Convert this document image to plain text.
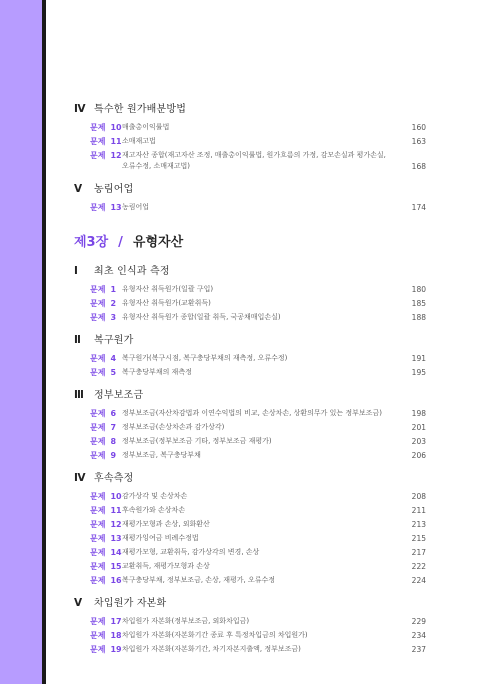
Ⅳ 특수한 원가배분방법
문제 10 매출총이익률법	160
문제 11 소매재고법	163
문제 12 재고자산 종합(재고자산 조정, 매출총이익률법, 원가흐름의 가정, 감모손실과 평가손실,
오류수정, 소매재고법)	168
Ⅴ	농림어업
문제 13 농림어업	174
제3장 / 유형자산
Ⅰ	최초 인식과 측정
문제 1 유형자산 취득원가(일괄 구입)	180
문제 2 유형자산 취득원가(교환취득)	185
문제 3 유형자산 취득원가 종합(일괄 취득, 국공채매입손실)	188
Ⅱ	복구원가
문제 4 복구원가(복구시점, 복구충당부채의 재측정, 오류수정)	191
문제 5 복구충당부채의 재측정	195
Ⅲ	정부보조금
문제 6 정부보조금(자산차감법과 이연수익법의 비교, 손상차손, 상환의무가 있는 정부보조금)	198
문제 7 정부보조금(손상차손과 감가상각)	201
문제 8 정부보조금(정부보조금 기타, 정부보조금 재평가)	203
문제 9 정부보조금, 복구충당부채	206
Ⅳ 후속측정
문제 10 감가상각 및 손상차손	208
문제 11 후속원가와 손상차손	211
문제 12 재평가모형과 손상, 외화환산	213
문제 13 재평가잉여금 비례수정법	215
문제 14 재평가모형, 교환취득, 감가상각의 변경, 손상	217
문제 15 교환취득, 재평가모형과 손상	222
문제 16 복구충당부채, 정부보조금, 손상, 재평가, 오류수정	224
Ⅴ	차입원가 자본화
문제 17 차입원가 자본화(정부보조금, 외화차입금)	229
문제 18 차입원가 자본화(자본화기간 종료 후 특정차입금의 차입원가)	234
문제 19 차입원가 자본화(자본화기간, 차기자본지출액, 정부보조금)	237
